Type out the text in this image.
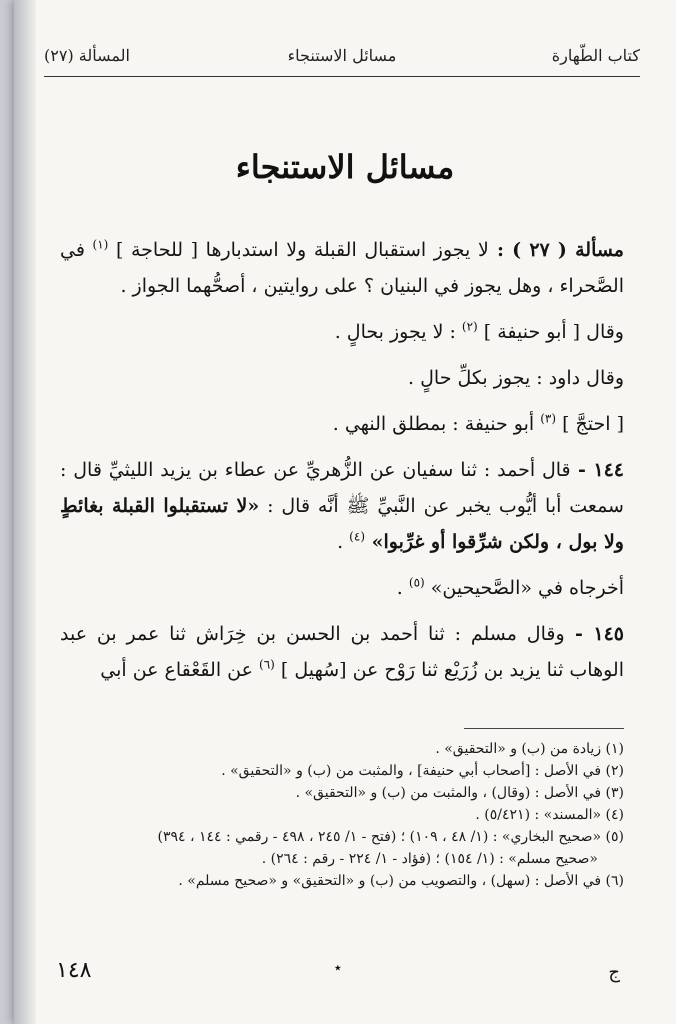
كتاب الطّهارة
مسائل الاستنجاء
المسألة (٢٧)
مسائل الاستنجاء

مسألة ( ٢٧ ) : لا يجوز استقبال القبلة ولا استدبارها [ للحاجة ] $^{(١)}$ في الصَّحراء ، وهل يجوز في البنيان ؟ على روايتين ، أصحُّهما الجواز .

وقال [ أبو حنيفة ] $^{(٢)}$ : لا يجوز بحالٍ .

وقال داود : يجوز بكلِّ حالٍ .

[ احتجَّ ] $^{(٣)}$ أبو حنيفة : بمطلق النهي .

١٤٤ - قال أحمد : ثنا سفيان عن الزُّهريِّ عن عطاء بن يزيد الليثيِّ قال : سمعت أبا أيُّوب يخبر عن النَّبيِّ ﷺ أنَّه قال : «لا تستقبلوا القبلة بغائطٍ ولا بول ، ولكن شرِّقوا أو غرِّبوا» $^{(٤)}$ .

أخرجاه في «الصَّحيحين» $^{(٥)}$ .

١٤٥ - وقال مسلم : ثنا أحمد بن الحسن بن خِرَاش ثنا عمر بن عبد الوهاب ثنا يزيد بن زُرَيْع ثنا رَوْح عن [سُهيل ] $^{(٦)}$ عن القَعْقاع عن أبي

(١) زيادة من (ب) و «التحقيق» .
(٢) في الأصل : [أصحاب أبي حنيفة] ، والمثبت من (ب) و «التحقيق» .
(٣) في الأصل : (وقال) ، والمثبت من (ب) و «التحقيق» .
(٤) «المسند» : (٥/٤٢١) .
(٥) «صحيح البخاري» : (١/ ٤٨ ، ١٠٩) ؛ (فتح - ١/ ٢٤٥ ، ٤٩٨ - رقمي : ١٤٤ ، ٣٩٤)
«صحيح مسلم» : (١/ ١٥٤) ؛ (فؤاد - ١/ ٢٢٤ - رقم : ٢٦٤) .
(٦) في الأصل : (سهل) ، والتصويب من (ب) و «التحقيق» و «صحيح مسلم» .
١٤٨	٭	ج
